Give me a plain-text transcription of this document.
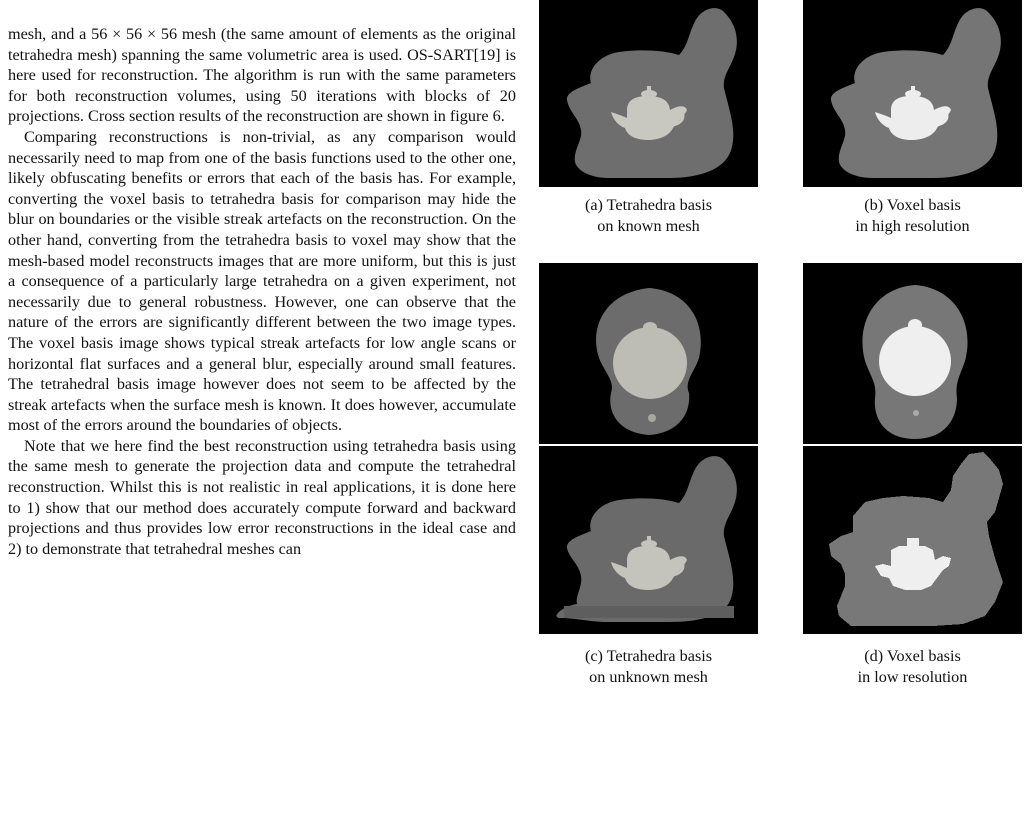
mesh, and a 56 × 56 × 56 mesh (the same amount of elements as the original tetrahedra mesh) spanning the same volumetric area is used. OS-SART[19] is here used for reconstruction. The algorithm is run with the same parameters for both reconstruction volumes, using 50 iterations with blocks of 20 projections. Cross section results of the reconstruction are shown in figure 6.

Comparing reconstructions is non-trivial, as any comparison would necessarily need to map from one of the basis functions used to the other one, likely obfuscating benefits or errors that each of the basis has. For example, converting the voxel basis to tetrahedra basis for comparison may hide the blur on boundaries or the visible streak artefacts on the reconstruction. On the other hand, converting from the tetrahedra basis to voxel may show that the mesh-based model reconstructs images that are more uniform, but this is just a consequence of a particularly large tetrahedra on a given experiment, not necessarily due to general robustness. However, one can observe that the nature of the errors are significantly different between the two image types. The voxel basis image shows typical streak artefacts for low angle scans or horizontal flat surfaces and a general blur, especially around small features. The tetrahedral basis image however does not seem to be affected by the streak artefacts when the surface mesh is known. It does however, accumulate most of the errors around the boundaries of objects.

Note that we here find the best reconstruction using tetrahedra basis using the same mesh to generate the projection data and compute the tetrahedral reconstruction. Whilst this is not realistic in real applications, it is done here to 1) show that our method does accurately compute forward and backward projections and thus provides low error reconstructions in the ideal case and 2) to demonstrate that tetrahedral meshes can

(a) Tetrahedra basis
on known mesh
(b) Voxel basis
in high resolution
(c) Tetrahedra basis
on unknown mesh
(d) Voxel basis
in low resolution
